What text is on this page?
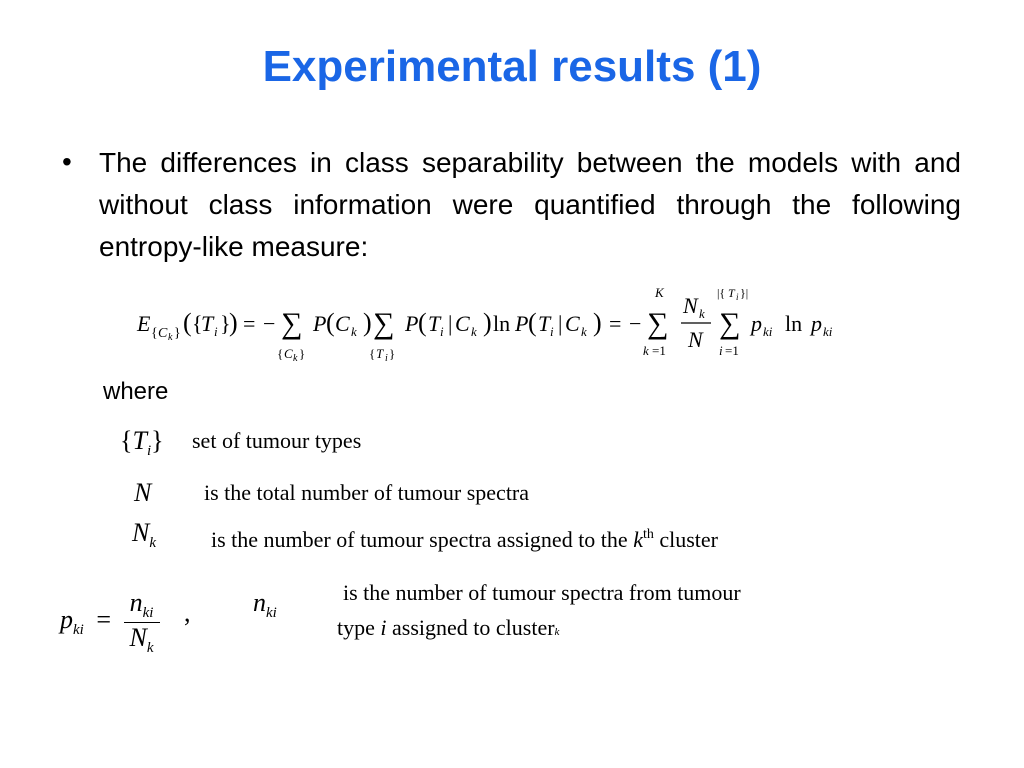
Experimental results (1)
• The differences in class separability between the models with and without class information were quantified through the following entropy-like measure:
E { C k } ( {
T i }
) = − ∑
{ C k }
P ( C k ) ∑
{ T i }
P ( T i | C k ) ln P ( T i | C k ) = − ∑
K
k =1
N k
N ∑
|{ T i }|
i =1
p ki ln p ki
where
$\{T_i\}$ set of tumour types
N is the total number of tumour spectra
$N_k$ is the number of tumour spectra assigned to the $k^{th}$ cluster
$p_{ki} = \frac{n_{ki}}{N_k}$ , $n_{ki}$
is the number of tumour spectra from tumour
type i assigned to clusterk
